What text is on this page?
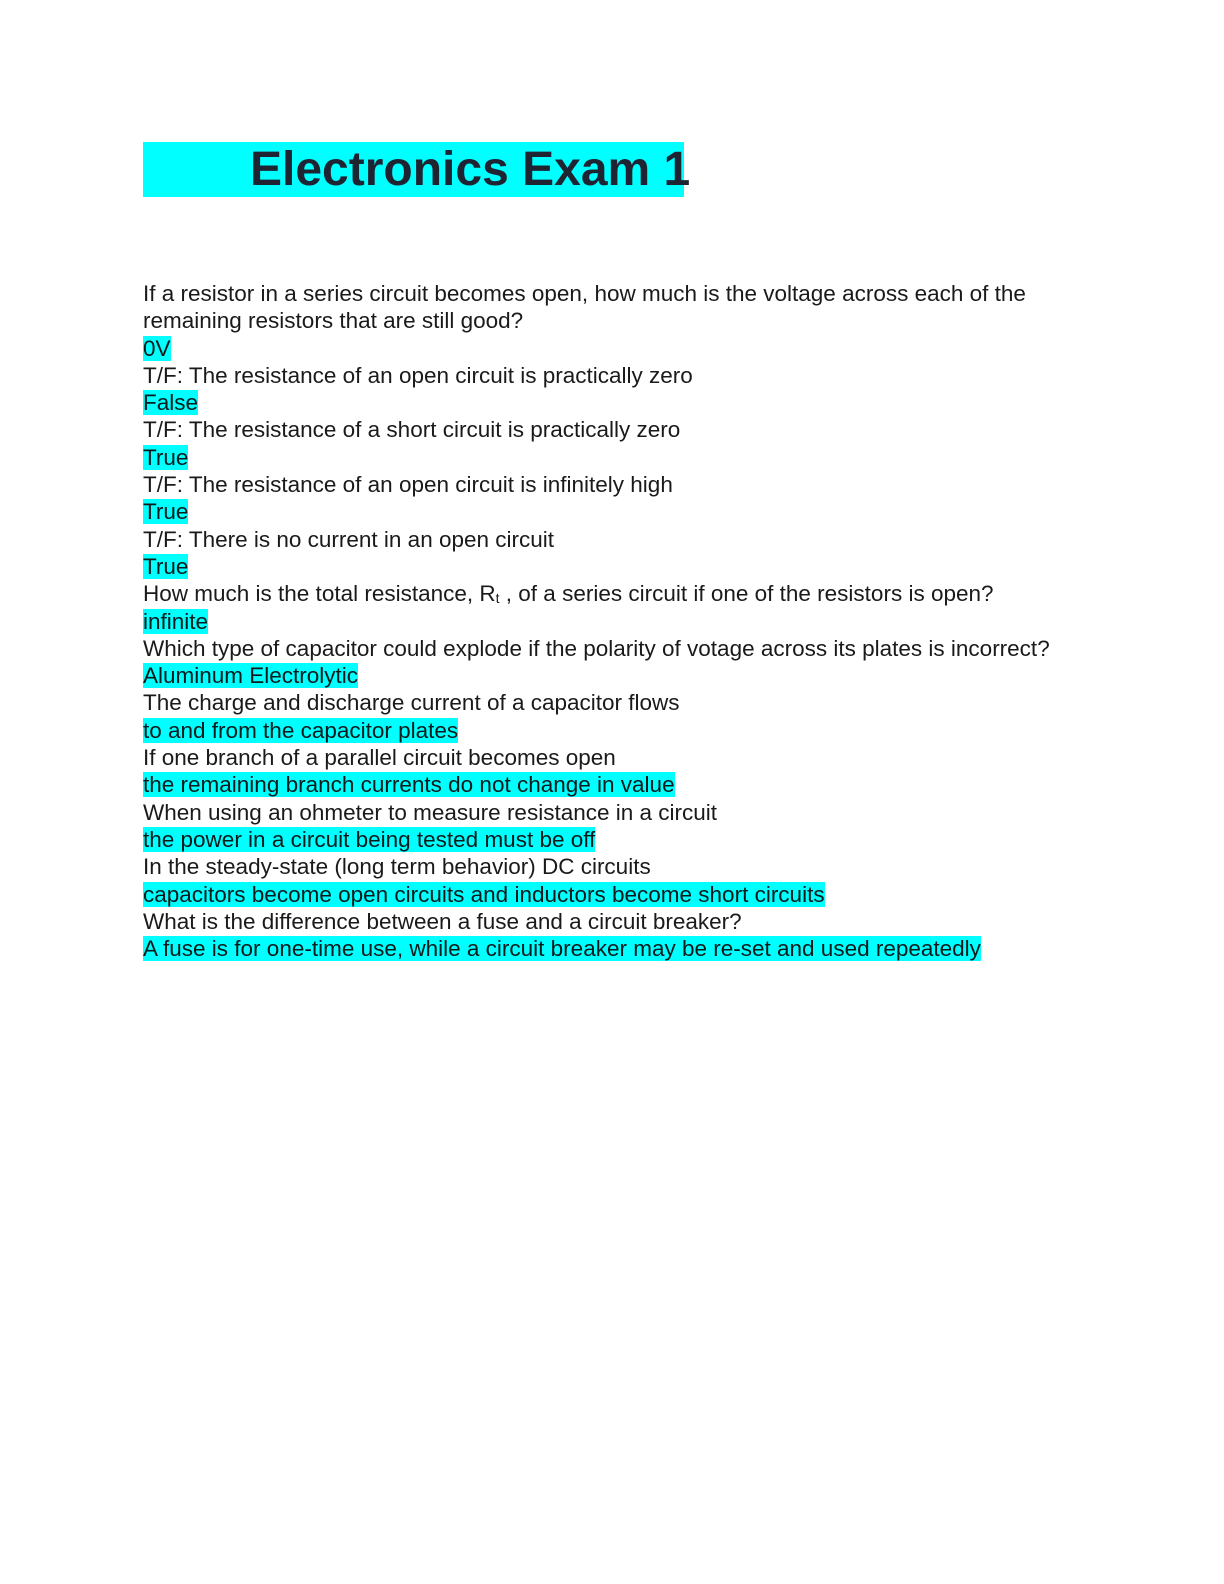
Electronics Exam 1
If a resistor in a series circuit becomes open, how much is the voltage across each of the remaining resistors that are still good?
0V
T/F: The resistance of an open circuit is practically zero
False
T/F: The resistance of a short circuit is practically zero
True
T/F: The resistance of an open circuit is infinitely high
True
T/F: There is no current in an open circuit
True
How much is the total resistance, $R_t$ , of a series circuit if one of the resistors is open?
infinite
Which type of capacitor could explode if the polarity of votage across its plates is incorrect?
Aluminum Electrolytic
The charge and discharge current of a capacitor flows
to and from the capacitor plates
If one branch of a parallel circuit becomes open
the remaining branch currents do not change in value
When using an ohmeter to measure resistance in a circuit
the power in a circuit being tested must be off
In the steady-state (long term behavior) DC circuits
capacitors become open circuits and inductors become short circuits
What is the difference between a fuse and a circuit breaker?
A fuse is for one-time use, while a circuit breaker may be re-set and used repeatedly
